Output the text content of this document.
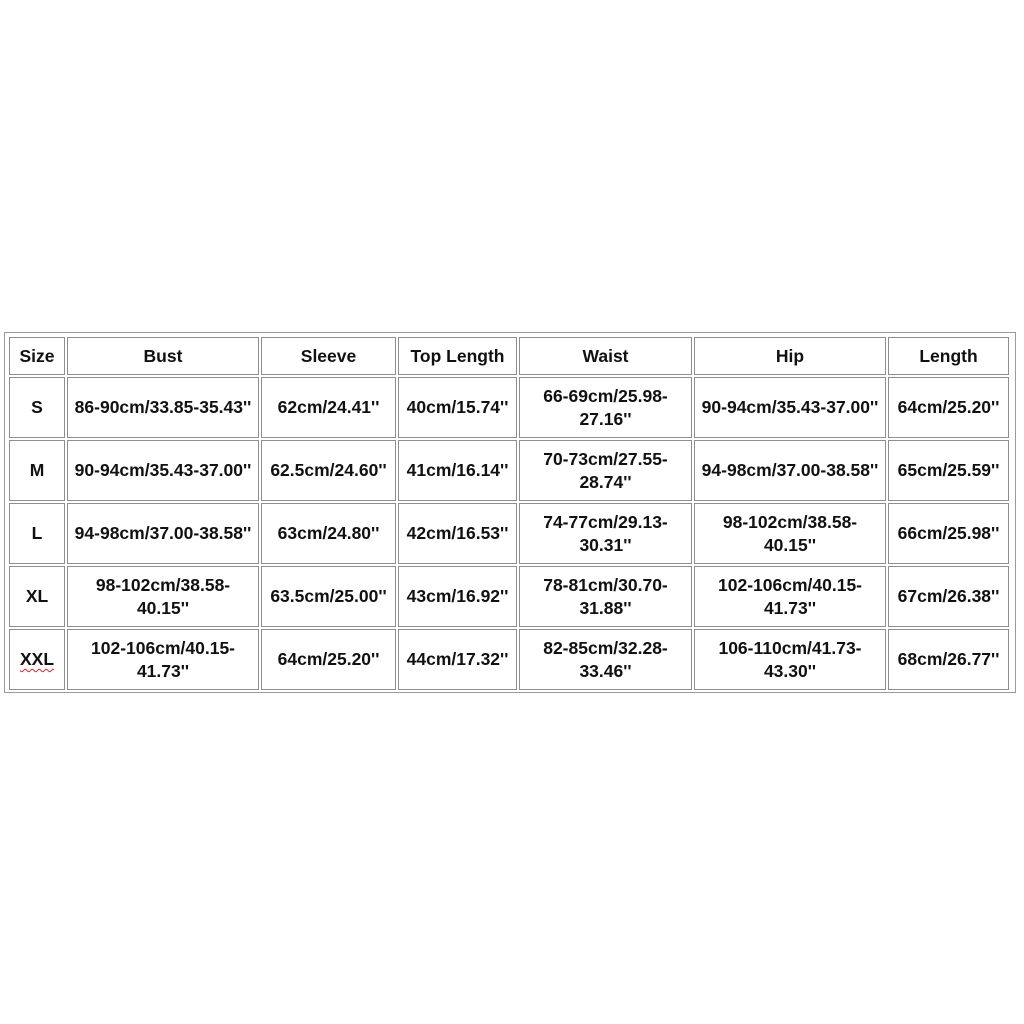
Size	Bust	Sleeve	Top Length	Waist	Hip	Length
S	86-90cm/33.85-35.43''	62cm/24.41''	40cm/15.74''	66-69cm/25.98-27.16''	90-94cm/35.43-37.00''	64cm/25.20''
M	90-94cm/35.43-37.00''	62.5cm/24.60''	41cm/16.14''	70-73cm/27.55-28.74''	94-98cm/37.00-38.58''	65cm/25.59''
L	94-98cm/37.00-38.58''	63cm/24.80''	42cm/16.53''	74-77cm/29.13-30.31''	98-102cm/38.58-40.15''	66cm/25.98''
XL	98-102cm/38.58-40.15''	63.5cm/25.00''	43cm/16.92''	78-81cm/30.70-31.88''	102-106cm/40.15-41.73''	67cm/26.38''
XXL	102-106cm/40.15-41.73''	64cm/25.20''	44cm/17.32''	82-85cm/32.28-33.46''	106-110cm/41.73-43.30''	68cm/26.77''
